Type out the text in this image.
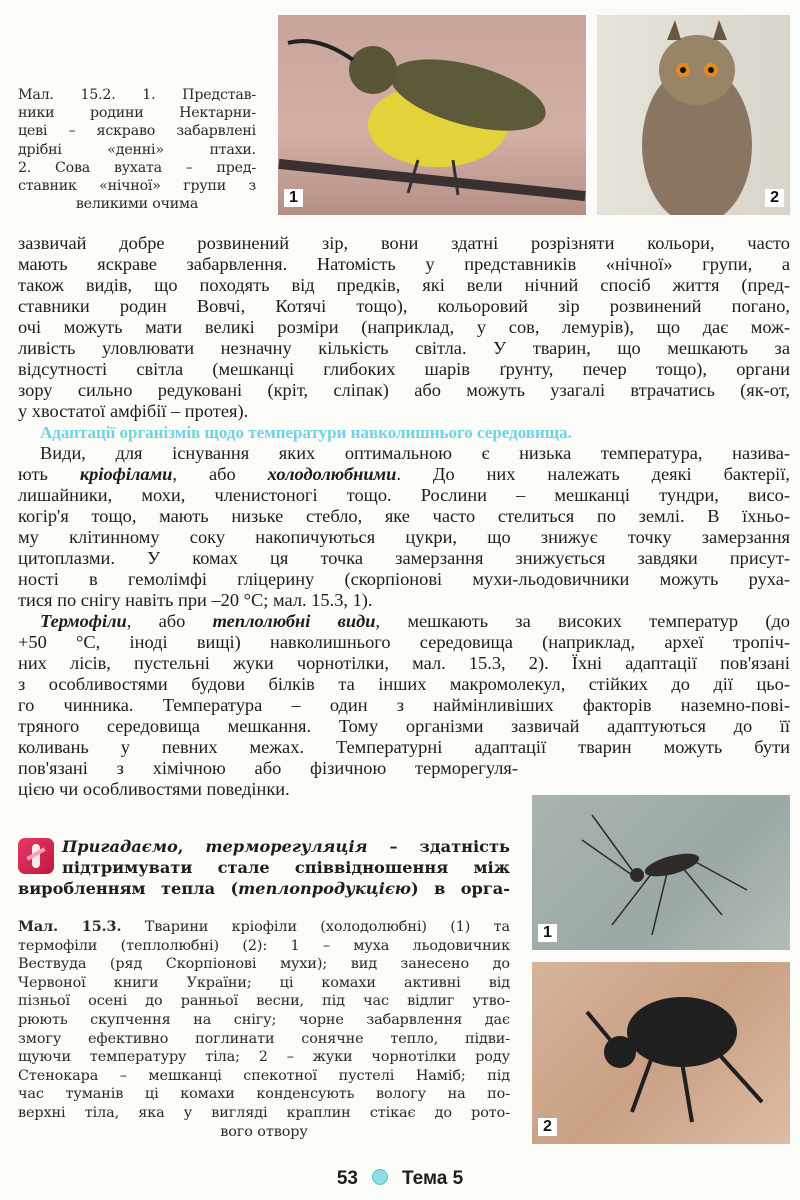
1	2
Мал. 15.2. 1. Представ-
ники родини Нектарни-
цеві – яскраво забарвлені
дрібні «денні» птахи.
2. Сова вухата – пред-
ставник «нічної» групи з
великими очима
зазвичай добре розвинений зір, вони здатні розрізняти кольори, часто
мають яскраве забарвлення. Натомість у представників «нічної» групи, а
також видів, що походять від предків, які вели нічний спосіб життя (пред-
ставники родин Вовчі, Котячі тощо), кольоровий зір розвинений погано,
очі можуть мати великі розміри (наприклад, у сов, лемурів), що дає мож-
ливість уловлювати незначну кількість світла. У тварин, що мешкають за
відсутності світла (мешканці глибоких шарів ґрунту, печер тощо), органи
зору сильно редуковані (кріт, сліпак) або можуть узагалі втрачатись (як-от,
у хвостатої амфібії – протея).
Адаптації організмів щодо температури навколишнього середовища.
Види, для існування яких оптимальною є низька температура, назива-
ють кріофілами, або холодолюбними. До них належать деякі бактерії,
лишайники, мохи, членистоногі тощо. Рослини – мешканці тундри, висо-
когір'я тощо, мають низьке стебло, яке часто стелиться по землі. В їхньо-
му клітинному соку накопичуються цукри, що знижує точку замерзання
цитоплазми. У комах ця точка замерзання знижується завдяки присут-
ності в гемолімфі гліцерину (скорпіонові мухи-льодовичники можуть руха-
тися по снігу навіть при –20 °С; мал. 15.3, 1).
Термофіли, або теплолюбні види, мешкають за високих температур (до
+50 °С, іноді вищі) навколишнього середовища (наприклад, археї тропіч-
них лісів, пустельні жуки чорнотілки, мал. 15.3, 2). Їхні адаптації пов'язані
з особливостями будови білків та інших макромолекул, стійких до дії цьо-
го чинника. Температура – один з наймінливіших факторів наземно-пові-
тряного середовища мешкання. Тому організми зазвичай адаптуються до її
коливань у певних межах. Температурні адаптації тварин можуть бути
пов'язані з хімічною або фізичною терморегуля-
цією чи особливостями поведінки.
Пригадаємо, терморегуляція – здатність
підтримувати стале співвідношення між
виробленням тепла (теплопродукцією) в орга-
Мал. 15.3. Тварини кріофіли (холодолюбні) (1) та
термофіли (теплолюбні) (2): 1 – муха льодовичник
Вествуда (ряд Скорпіонові мухи); вид занесено до
Червоної книги України; ці комахи активні від
пізньої осені до ранньої весни, під час відлиг утво-
рюють скупчення на снігу; чорне забарвлення дає
змогу ефективно поглинати сонячне тепло, підви-
щуючи температуру тіла; 2 – жуки чорнотілки роду
Стенокара – мешканці спекотної пустелі Наміб; під
час туманів ці комахи конденсують вологу на по-
верхні тіла, яка у вигляді краплин стікає до рото-
вого отвору
1
2
53 Тема 5
